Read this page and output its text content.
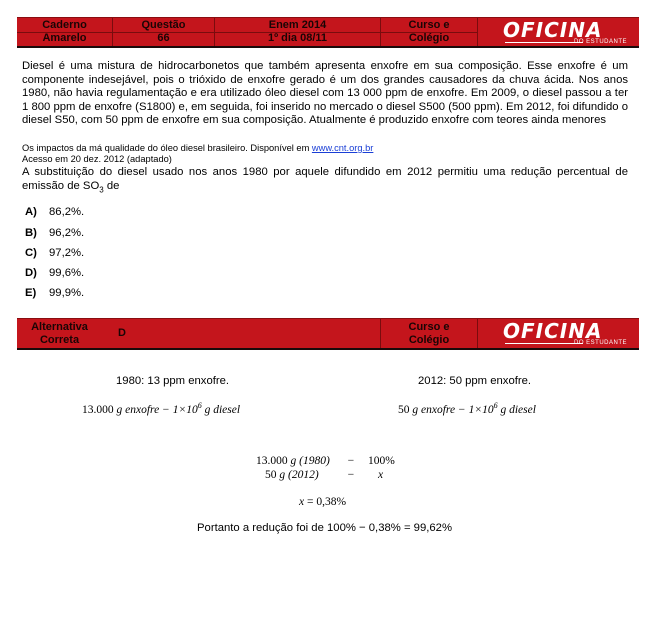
Caderno
Amarelo
Questão
66
Enem 2014
1º dia 08/11
Curso e
Colégio	OFICINA
DO ESTUDANTE
Diesel é uma mistura de hidrocarbonetos que também apresenta enxofre em sua composição. Esse enxofre é um componente indesejável, pois o trióxido de enxofre gerado é um dos grandes causadores da chuva ácida. Nos anos 1980, não havia regulamentação e era utilizado óleo diesel com 13 000 ppm de enxofre. Em 2009, o diesel passou a ter 1 800 ppm de enxofre (S1800) e, em seguida, foi inserido no mercado o diesel S500 (500 ppm). Em 2012, foi difundido o diesel S50, com 50 ppm de enxofre em sua composição. Atualmente é produzido enxofre com teores ainda menores
Os impactos da má qualidade do óleo diesel brasileiro. Disponível em www.cnt.org.br
Acesso em 20 dez. 2012 (adaptado)
A substituição do diesel usado nos anos 1980 por aquele difundido em 2012 permitiu uma redução percentual de emissão de $SO_3$ de
A) 86,2%.
B) 96,2%.
C) 97,2%.
D) 99,6%.
E) 99,9%.
Alternativa
Correta
D	Curso e
Colégio	OFICINA
DO ESTUDANTE
1980: 13 ppm enxofre.	2012: 50 ppm enxofre.
13.000 g enxofre − $1\times 10^6$ g diesel	50 g enxofre − $1\times 10^6$ g diesel
13.000 g (1980) − 100%
50 g (2012) − x
x = 0,38%
Portanto a redução foi de 100% − 0,38% = 99,62%
